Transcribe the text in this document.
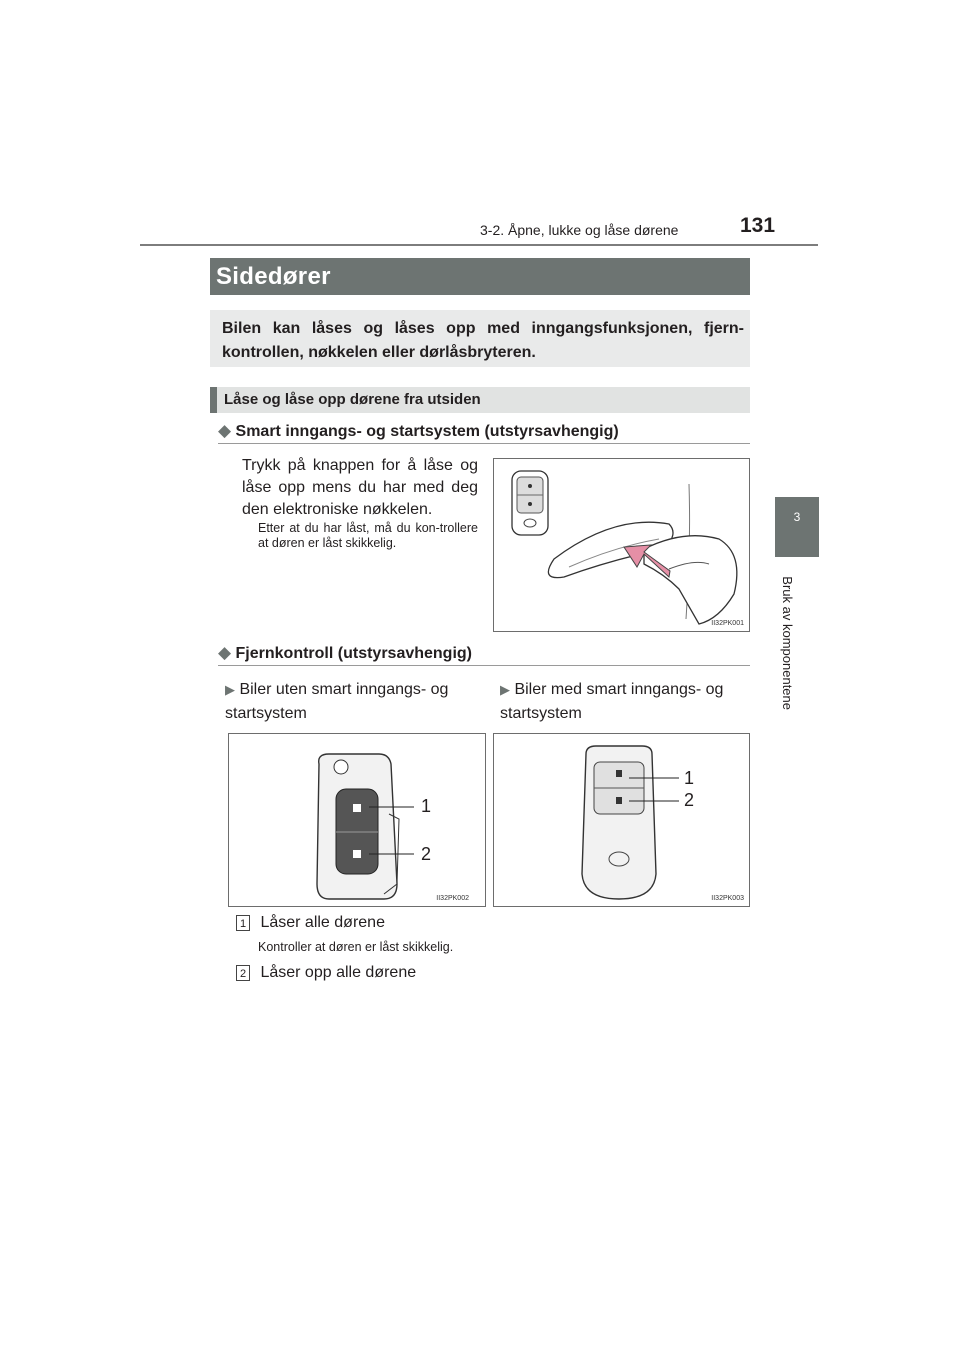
3-2. Åpne, lukke og låse dørene	131
3
Bruk av komponentene
Sidedører
Bilen kan låses og låses opp med inngangsfunksjonen, fjern-kontrollen, nøkkelen eller dørlåsbryteren.
Låse og låse opp dørene fra utsiden
◆ Smart inngangs- og startsystem (utstyrsavhengig)
Trykk på knappen for å låse og låse opp mens du har med deg den elektroniske nøkkelen.
Etter at du har låst, må du kon-trollere at døren er låst skikkelig.
II32PK001
◆ Fjernkontroll (utstyrsavhengig)
▶ Biler uten smart inngangs- og startsystem
▶ Biler med smart inngangs- og startsystem
1
2
II32PK002
1
2
II32PK003
1 Låser alle dørene
Kontroller at døren er låst skikkelig.
2 Låser opp alle dørene
